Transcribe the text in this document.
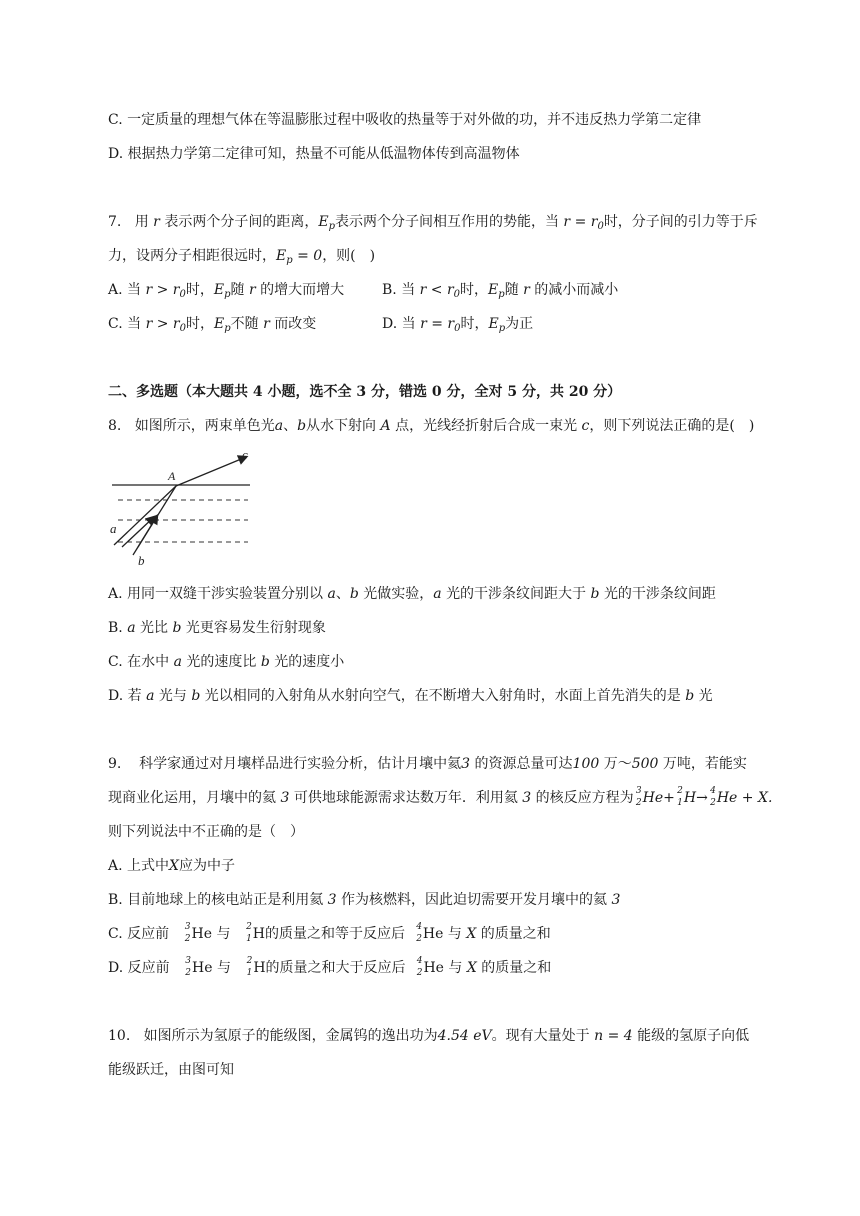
C. 一定质量的理想气体在等温膨胀过程中吸收的热量等于对外做的功，并不违反热力学第二定律
D. 根据热力学第二定律可知，热量不可能从低温物体传到高温物体
7. 用 r 表示两个分子间的距离，$E_p$表示两个分子间相互作用的势能，当 $r = r_0$时，分子间的引力等于斥
力，设两分子相距很远时，$E_p = 0$，则(　)
A. 当 $r > r_0$时，$E_p$随 r 的增大而增大	B. 当 $r < r_0$时，$E_p$随 r 的减小而减小
C. 当 $r > r_0$时，$E_p$不随 r 而改变	D. 当 $r = r_0$时，$E_p$为正
二、多选题（本大题共 4 小题，选不全 3 分，错选 0 分，全对 5 分，共 20 分）
8. 如图所示，两束单色光a、b从水下射向 A 点，光线经折射后合成一束光 c，则下列说法正确的是(　)
A
a
b
c
A. 用同一双缝干涉实验装置分别以 a、b 光做实验，a 光的干涉条纹间距大于 b 光的干涉条纹间距
B. a 光比 b 光更容易发生衍射现象
C. 在水中 a 光的速度比 b 光的速度小
D. 若 a 光与 b 光以相同的入射角从水射向空气，在不断增大入射角时，水面上首先消失的是 b 光
9. 科学家通过对月壤样品进行实验分析，估计月壤中氦3 的资源总量可达100 万～500 万吨，若能实
现商业化运用，月壤中的氦 3 可供地球能源需求达数万年．利用氦 3 的核反应方程为 3
2 He+ 2
1 H→ 4
2 He + X.
则下列说法中不正确的是（　）
A. 上式中X应为中子
B. 目前地球上的核电站正是利用氦 3 作为核燃料，因此迫切需要开发月壤中的氦 3
C. 反应前 3
2 He 与 2
1 H的质量之和等于反应后 4
2 He 与 X 的质量之和
D. 反应前 3
2 He 与 2
1 H的质量之和大于反应后 4
2 He 与 X 的质量之和
10. 如图所示为氢原子的能级图，金属钨的逸出功为4.54 eV。现有大量处于 n = 4 能级的氢原子向低
能级跃迁，由图可知
